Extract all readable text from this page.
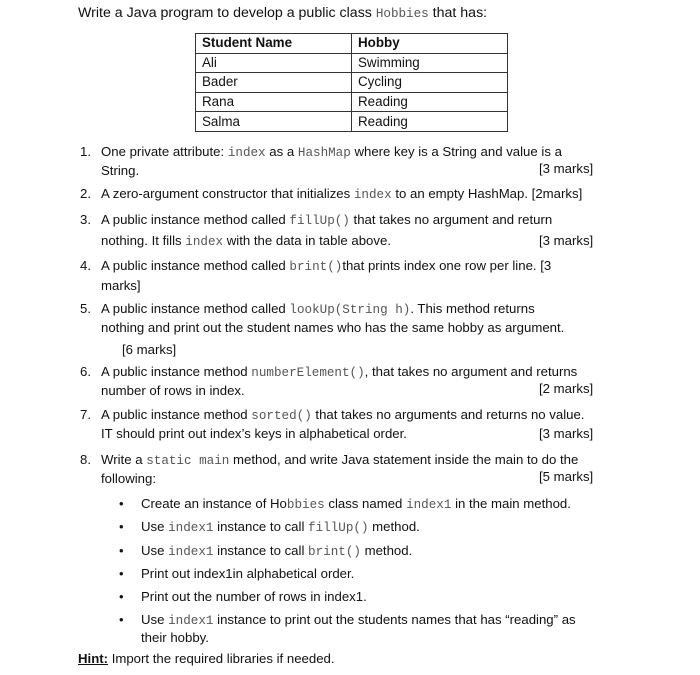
Write a Java program to develop a public class Hobbies that has:
Student Name	Hobby
Ali	Swimming
Bader	Cycling
Rana	Reading
Salma	Reading
1. One private attribute: index as a HashMap where key is a String and value is a
String.	[3 marks]
2. A zero-argument constructor that initializes index to an empty HashMap. [2marks]
3. A public instance method called fillUp() that takes no argument and return
nothing. It fills index with the data in table above.	[3 marks]
4. A public instance method called brint()that prints index one row per line. [3
marks]
5. A public instance method called lookUp(String h). This method returns
nothing and print out the student names who has the same hobby as argument.
[6 marks]
6. A public instance method numberElement(), that takes no argument and returns
number of rows in index.	[2 marks]
7. A public instance method sorted() that takes no arguments and returns no value.
IT should print out index’s keys in alphabetical order.	[3 marks]
8. Write a static main method, and write Java statement inside the main to do the
following:	[5 marks]
• Create an instance of Hobbies class named index1 in the main method.
• Use index1 instance to call fillUp() method.
• Use index1 instance to call brint() method.
• Print out index1in alphabetical order.
• Print out the number of rows in index1.
• Use index1 instance to print out the students names that has “reading” as
their hobby.
Hint: Import the required libraries if needed.
